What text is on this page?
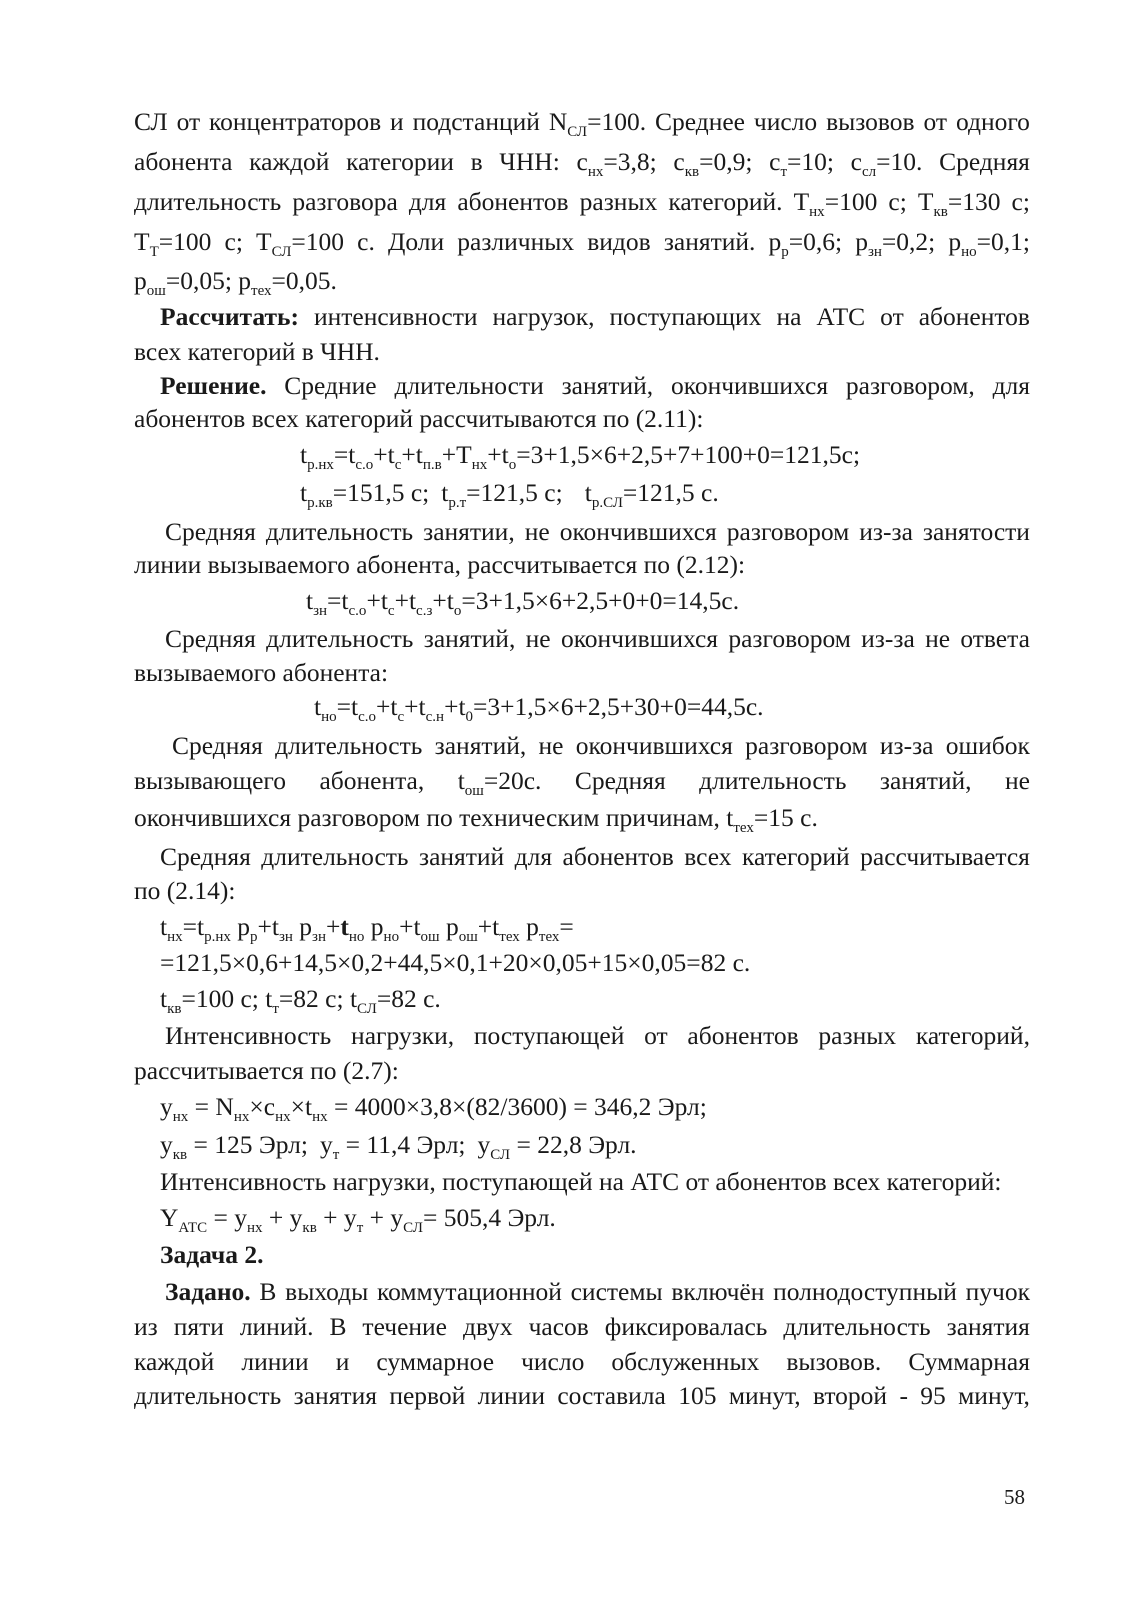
СЛ от концентраторов и подстанций $N_{СЛ}=100$. Среднее число вызовов от одного
абонента каждой категории в ЧНН: $c_{нх}=3,8$; $c_{кв}=0,9$; $c_т=10$; $c_{сл}=10$. Средняя
длительность разговора для абонентов разных категорий. $T_{нх}=100$ с; $T_{кв}=130$ с;
$T_Т=100$ с; $T_{СЛ}=100$ с. Доли различных видов занятий. $p_р=0,6$; $p_{зн}=0,2$; $p_{но}=0,1$;
$p_{ош}=0,05$; $p_{тех}=0,05$.
Рассчитать: интенсивности нагрузок, поступающих на АТС от абонентов
всех категорий в ЧНН.
Решение. Средние длительности занятий, окончившихся разговором, для
абонентов всех категорий рассчитываются по (2.11):
$t_{р.нх}=t_{с.о}+t_с+t_{п.в}+T_{нх}+t_o=3+1,5\times 6+2,5+7+100+0=121,5с$;
$t_{р.кв}=151,5$ с; $t_{р.т}=121,5$ с; $t_{р.СЛ}=121,5$ с.
Средняя длительность занятии, не окончившихся разговором из-за занятости
линии вызываемого абонента, рассчитывается по (2.12):
$t_{зн}=t_{с.о}+t_с+t_{с.з}+t_o=3+1,5\times 6+2,5+0+0=14,5с$.
Средняя длительность занятий, не окончившихся разговором из-за не ответа
вызываемого абонента:
$t_{но}=t_{с.о}+t_с+t_{с.н}+t_0=3+1,5\times 6+2,5+30+0=44,5с$.
Средняя длительность занятий, не окончившихся разговором из-за ошибок
вызывающего абонента, $t_{ош}=20с$. Средняя длительность занятий, не
окончившихся разговором по техническим причинам, $t_{тех}=15$ с.
Средняя длительность занятий для абонентов всех категорий рассчитывается
по (2.14):
$t_{нх}=t_{р.нх}$ $p_р+t_{зн}$ $p_{зн}+t_{но}$ $p_{но}+t_{ош}$ $p_{ош}+t_{тех}$ $p_{тех}=$
=121,5×0,6+14,5×0,2+44,5×0,1+20×0,05+15×0,05=82 с.
$t_{кв}=100$ с; $t_т=82$ с; $t_{СЛ}=82$ с.
Интенсивность нагрузки, поступающей от абонентов разных категорий,
рассчитывается по (2.7):
$y_{нх} = N_{нх}\times c_{нх}\times t_{нх} = 4000\times 3,8\times(82/3600) = 346,2$ Эрл;
$y_{кв} = 125$ Эрл; $y_т = 11,4$ Эрл; $y_{СЛ} = 22,8$ Эрл.
Интенсивность нагрузки, поступающей на АТС от абонентов всех категорий:
$Y_{АТС} = y_{нх} + y_{кв} + y_т + y_{СЛ}= 505,4$ Эрл.
Задача 2.
Задано. В выходы коммутационной системы включён полнодоступный пучок
из пяти линий. В течение двух часов фиксировалась длительность занятия
каждой линии и суммарное число обслуженных вызовов. Суммарная
длительность занятия первой линии составила 105 минут, второй - 95 минут,
58
